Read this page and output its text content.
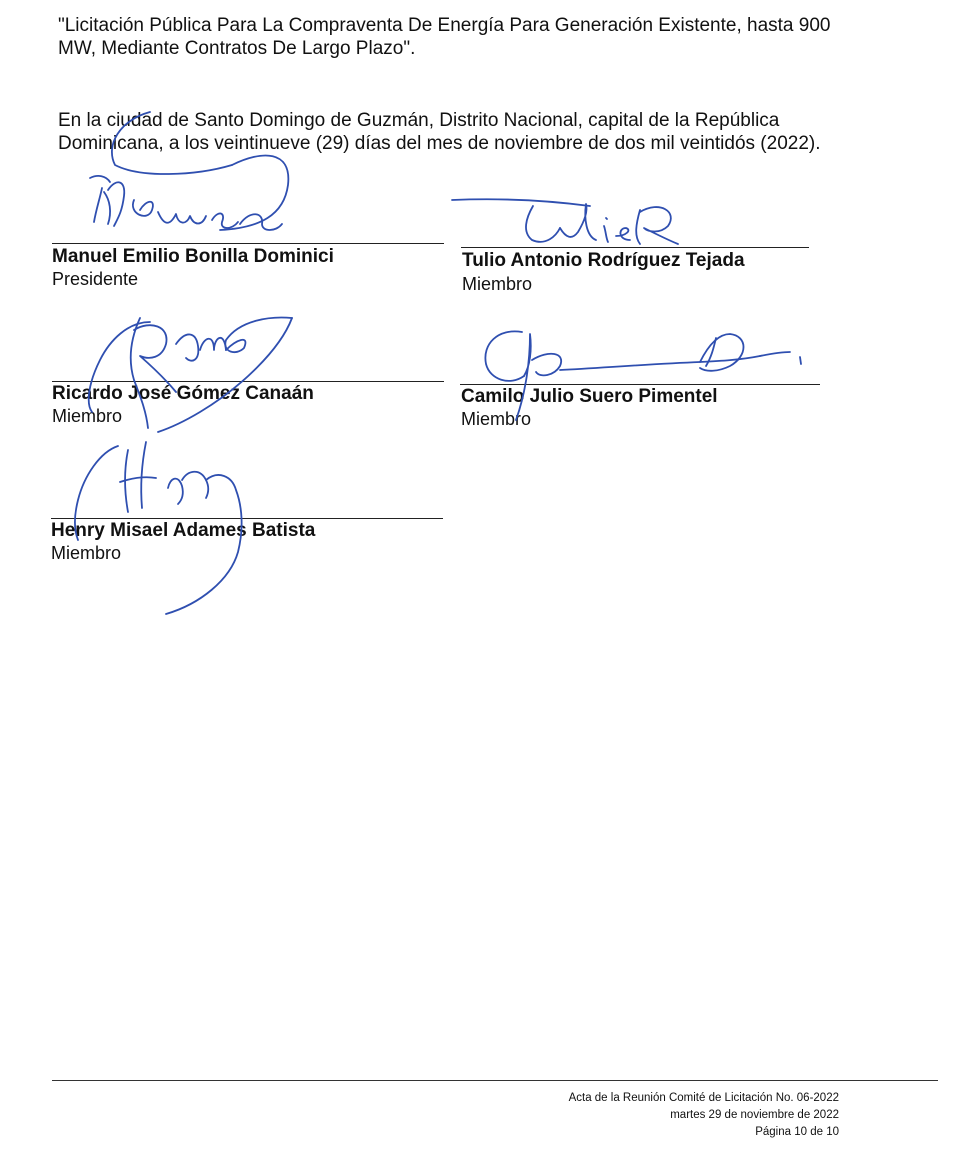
"Licitación Pública Para La Compraventa De Energía Para Generación Existente, hasta 900 MW, Mediante Contratos De Largo Plazo".

En la ciudad de Santo Domingo de Guzmán, Distrito Nacional, capital de la República Dominicana, a los veintinueve (29) días del mes de noviembre de dos mil veintidós (2022).

Manuel Emilio Bonilla Dominici
Presidente
Tulio Antonio Rodríguez Tejada
Miembro
Ricardo José Gómez Canaán
Miembro
Camilo Julio Suero Pimentel
Miembro
Henry Misael Adames Batista
Miembro
Acta de la Reunión Comité de Licitación No. 06-2022
martes 29 de noviembre de 2022
Página 10 de 10
